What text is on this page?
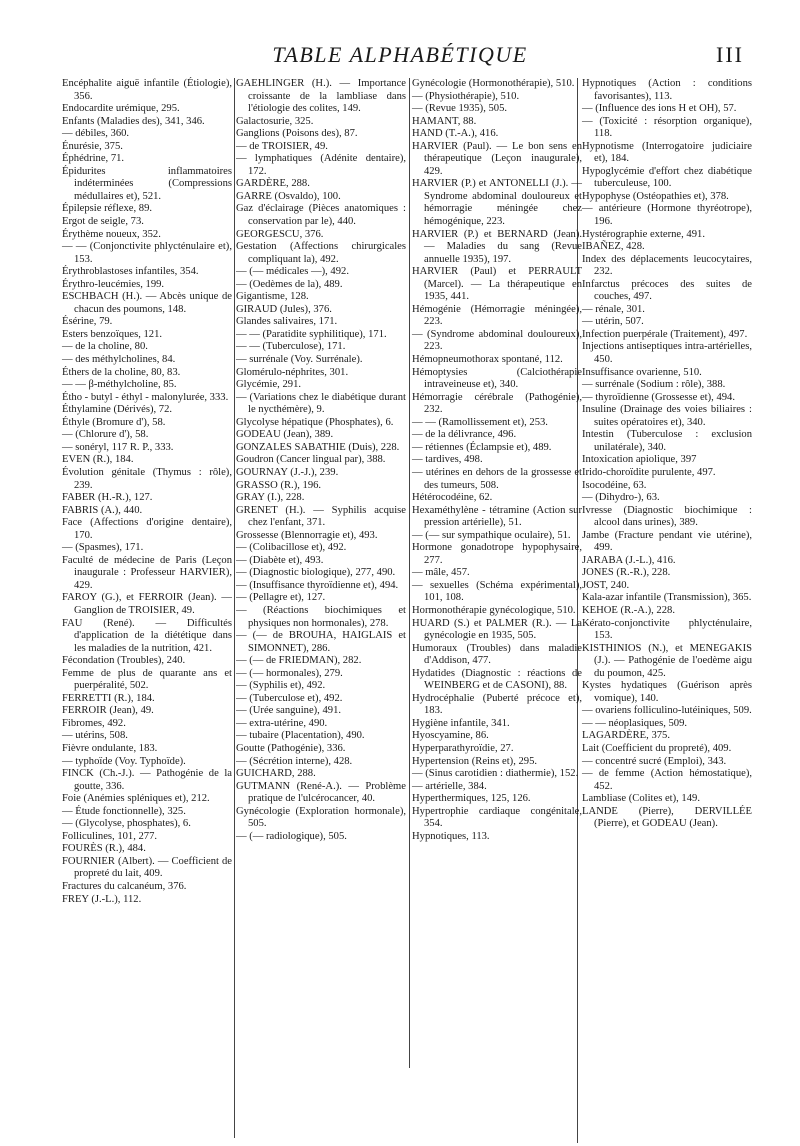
TABLE ALPHABÉTIQUE	III

Encéphalite aiguë infantile (Étiologie), 356.

Endocardite urémique, 295.

Enfants (Maladies des), 341, 346.

— débiles, 360.

Énurésie, 375.

Éphédrine, 71.

Épidurites inflammatoires indéterminées (Compressions médullaires et), 521.

Épilepsie réflexe, 89.

Ergot de seigle, 73.

Érythème noueux, 352.

— — (Conjonctivite phlycténulaire et), 153.

Érythroblastoses infantiles, 354.

Érythro-leucémies, 199.

ESCHBACH (H.). — Abcès unique de chacun des poumons, 148.

Ésérine, 79.

Esters benzoïques, 121.

— de la choline, 80.

— des méthylcholines, 84.

Éthers de la choline, 80, 83.

— — β-méthylcholine, 85.

Étho - butyl - éthyl - malonylurée, 333.

Éthylamine (Dérivés), 72.

Éthyle (Bromure d'), 58.

— (Chlorure d'), 58.

— sonéryl, 117 R. P., 333.

EVEN (R.), 184.

Évolution génitale (Thymus : rôle), 239.

FABER (H.-R.), 127.

FABRIS (A.), 440.

Face (Affections d'origine dentaire), 170.

— (Spasmes), 171.

Faculté de médecine de Paris (Leçon inaugurale : Professeur HARVIER), 429.

FAROY (G.), et FERROIR (Jean). — Ganglion de TROISIER, 49.

FAU (René). — Difficultés d'application de la diététique dans les maladies de la nutrition, 421.

Fécondation (Troubles), 240.

Femme de plus de quarante ans et puerpéralité, 502.

FERRETTI (R.), 184.

FERROIR (Jean), 49.

Fibromes, 492.

— utérins, 508.

Fièvre ondulante, 183.

— typhoïde (Voy. Typhoïde).

FINCK (Ch.-J.). — Pathogénie de la goutte, 336.

Foie (Anémies spléniques et), 212.

— Étude fonctionnelle), 325.

— (Glycolyse, phosphates), 6.

Folliculines, 101, 277.

FOURÈS (R.), 484.

FOURNIER (Albert). — Coefficient de propreté du lait, 409.

Fractures du calcanéum, 376.

FREY (J.-L.), 112.

GAEHLINGER (H.). — Importance croissante de la lambliase dans l'étiologie des colites, 149.

Galactosurie, 325.

Ganglions (Poisons des), 87.

— de TROISIER, 49.

— lymphatiques (Adénite dentaire), 172.

GARDÈRE, 288.

GARRE (Osvaldo), 100.

Gaz d'éclairage (Pièces anatomiques : conservation par le), 440.

GEORGESCU, 376.

Gestation (Affections chirurgicales compliquant la), 492.

— (— médicales —), 492.

— (Oedèmes de la), 489.

Gigantisme, 128.

GIRAUD (Jules), 376.

Glandes salivaires, 171.

— — (Paratidite syphilitique), 171.

— — (Tuberculose), 171.

— surrénale (Voy. Surrénale).

Glomérulo-néphrites, 301.

Glycémie, 291.

— (Variations chez le diabétique durant le nycthémère), 9.

Glycolyse hépatique (Phosphates), 6.

GODEAU (Jean), 389.

GONZALES SABATHIE (Duis), 228.

Goudron (Cancer lingual par), 388.

GOURNAY (J.-J.), 239.

GRASSO (R.), 196.

GRAY (I.), 228.

GRENET (H.). — Syphilis acquise chez l'enfant, 371.

Grossesse (Blennorragie et), 493.

— (Colibacillose et), 492.

— (Diabète et), 493.

— (Diagnostic biologique), 277, 490.

— (Insuffisance thyroïdienne et), 494.

— (Pellagre et), 127.

— (Réactions biochimiques et physiques non hormonales), 278.

— (— de BROUHA, HAIGLAIS et SIMONNET), 286.

— (— de FRIEDMAN), 282.

— (— hormonales), 279.

— (Syphilis et), 492.

— (Tuberculose et), 492.

— (Urée sanguine), 491.

— extra-utérine, 490.

— tubaire (Placentation), 490.

Goutte (Pathogénie), 336.

— (Sécrétion interne), 428.

GUICHARD, 288.

GUTMANN (René-A.). — Problème pratique de l'ulcérocancer, 40.

Gynécologie (Exploration hormonale), 505.

— (— radiologique), 505.

Gynécologie (Hormonothérapie), 510.

— (Physiothérapie), 510.

— (Revue 1935), 505.

HAMANT, 88.

HAND (T.-A.), 416.

HARVIER (Paul). — Le bon sens en thérapeutique (Leçon inaugurale), 429.

HARVIER (P.) et ANTONELLI (J.). — Syndrome abdominal douloureux et hémorragie méningée chez hémogénique, 223.

HARVIER (P.) et BERNARD (Jean). — Maladies du sang (Revue annuelle 1935), 197.

HARVIER (Paul) et PERRAULT (Marcel). — La thérapeutique en 1935, 441.

Hémogénie (Hémorragie méningée), 223.

— (Syndrome abdominal douloureux), 223.

Hémopneumothorax spontané, 112.

Hémoptysies (Calciothérapie intraveineuse et), 340.

Hémorragie cérébrale (Pathogénie), 232.

— — (Ramollissement et), 253.

— de la délivrance, 496.

— rétiennes (Éclampsie et), 489.

— tardives, 498.

— utérines en dehors de la grossesse et des tumeurs, 508.

Hétérocodéine, 62.

Hexaméthylène - tétramine (Action sur pression artérielle), 51.

— (— sur sympathique oculaire), 51.

Hormone gonadotrope hypophysaire, 277.

— mâle, 457.

— sexuelles (Schéma expérimental), 101, 108.

Hormonothérapie gynécologique, 510.

HUARD (S.) et PALMER (R.). — La gynécologie en 1935, 505.

Humoraux (Troubles) dans maladie d'Addison, 477.

Hydatides (Diagnostic : réactions de WEINBERG et de CASONI), 88.

Hydrocéphalie (Puberté précoce et), 183.

Hygiène infantile, 341.

Hyoscyamine, 86.

Hyperparathyroïdie, 27.

Hypertension (Reins et), 295.

— (Sinus carotidien : diathermie), 152.

— artérielle, 384.

Hyperthermiques, 125, 126.

Hypertrophie cardiaque congénitale, 354.

Hypnotiques, 113.

Hypnotiques (Action : conditions favorisantes), 113.

— (Influence des ions H et OH), 57.

— (Toxicité : résorption organique), 118.

Hypnotisme (Interrogatoire judiciaire et), 184.

Hypoglycémie d'effort chez diabétique tuberculeuse, 100.

Hypophyse (Ostéopathies et), 378.

— antérieure (Hormone thyréotrope), 196.

Hystérographie externe, 491.

IBAÑEZ, 428.

Index des déplacements leucocytaires, 232.

Infarctus précoces des suites de couches, 497.

— rénale, 301.

— utérin, 507.

Infection puerpérale (Traitement), 497.

Injections antiseptiques intra-artérielles, 450.

Insuffisance ovarienne, 510.

— surrénale (Sodium : rôle), 388.

— thyroïdienne (Grossesse et), 494.

Insuline (Drainage des voies biliaires : suites opératoires et), 340.

Intestin (Tuberculose : exclusion unilatérale), 340.

Intoxication apiolique, 397

Irido-choroïdite purulente, 497.

Isocodéine, 63.

— (Dihydro-), 63.

Ivresse (Diagnostic biochimique : alcool dans urines), 389.

Jambe (Fracture pendant vie utérine), 499.

JARABA (J.-L.), 416.

JONES (R.-R.), 228.

JOST, 240.

Kala-azar infantile (Transmission), 365.

KEHOE (R.-A.), 228.

Kérato-conjonctivite phlycténulaire, 153.

KISTHINIOS (N.), et MENEGAKIS (J.). — Pathogénie de l'oedème aigu du poumon, 425.

Kystes hydatiques (Guérison après vomique), 140.

— ovariens folliculino-lutéiniques, 509.

— — néoplasiques, 509.

LAGARDÈRE, 375.

Lait (Coefficient du propreté), 409.

— concentré sucré (Emploi), 343.

— de femme (Action hémostatique), 452.

Lambliase (Colites et), 149.

LANDE (Pierre), DERVILLÉE (Pierre), et GODEAU (Jean).
